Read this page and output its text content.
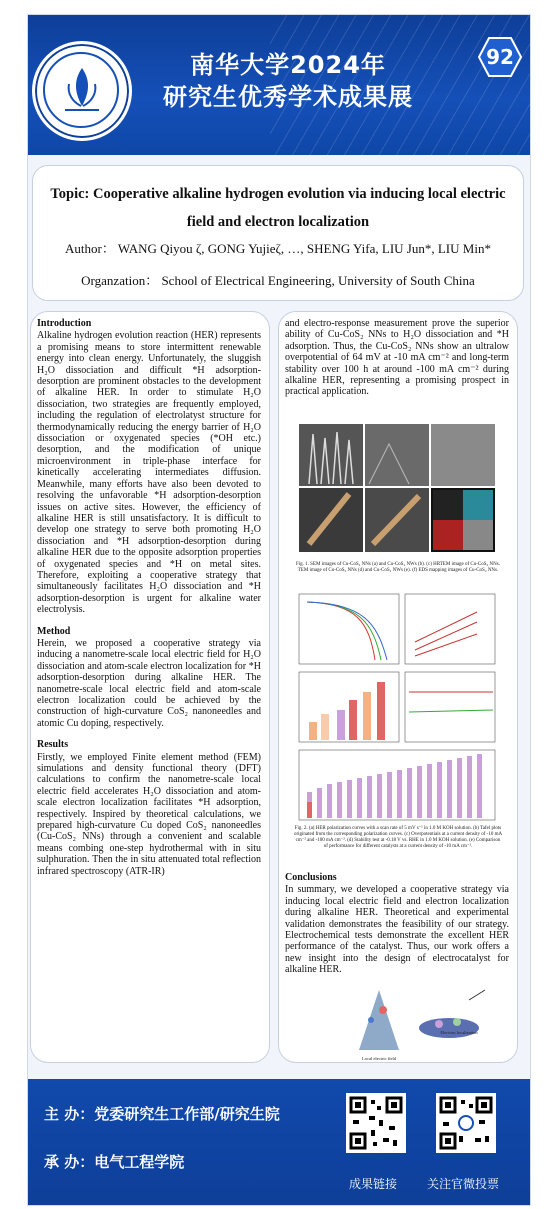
南华大学2024年
研究生优秀学术成果展
92
Topic: Cooperative alkaline hydrogen evolution via inducing local electric field and electron localization
Author： WANG Qiyou ζ, GONG Yujieζ, …, SHENG Yifa, LIU Jun*, LIU Min*
Organzation： School of Electrical Engineering, University of South China
Introduction

Alkaline hydrogen evolution reaction (HER) represents a promising means to store intermittent renewable energy into clean energy. Unfortunately, the sluggish H₂O dissociation and difficult *H adsorption-desorption are prominent obstacles to the development of alkaline HER. In order to stimulate H₂O dissociation, two strategies are frequently employed, including the regulation of electrolatyst structure for thermodynamically reducing the energy barrier of H₂O dissociation or oxygenated species (*OH etc.) desorption, and the modification of unique microenvironment in triple-phase interface for kinetically accelerating intermediates diffusion. Meanwhile, many efforts have also been devoted to resolving the unfavorable *H adsorption-desorption issues on active sites. However, the efficiency of alkaline HER is still unsatisfactory. It is difficult to develop one strategy to serve both promoting H₂O dissociation and *H adsorption-desorption during alkaline HER due to the opposite adsorption properties of oxygenated species and *H on metal sites. Therefore, exploiting a cooperative strategy that simultaneously facilitates H₂O dissociation and *H adsorption-desorption is urgent for alkaline water electrolysis.

Method

Herein, we proposed a cooperative strategy via inducing a nanometre-scale local electric field for H₂O dissociation and atom-scale electron localization for *H adsorption-desorption during alkaline HER. The nanometre-scale local electric field and atom-scale electron localization could be achieved by the construction of high-curvature CoS₂ nanoneedles and atomic Cu doping, respectively.

Results

Firstly, we employed Finite element method (FEM) simulations and density functional theory (DFT) calculations to confirm the nanometre-scale local electric field accelerates H₂O dissociation and atom-scale electron localization facilitates *H adsorption, respectively. Inspired by theoretical calculations, we prepared high-curvature Cu doped CoS₂ nanoneedles (Cu-CoS₂ NNs) through a convenient and scalable means combing one-step hydrothermal with in situ sulphuration. Then the in situ attenuated total reflection infrared spectroscopy (ATR-IR)

and electro-response measurement prove the superior ability of Cu-CoS₂ NNs to H₂O dissociation and *H adsorption. Thus, the Cu-CoS₂ NNs show an ultralow overpotential of 64 mV at -10 mA cm⁻² and long-term stability over 100 h at around -100 mA cm⁻² during alkaline HER, representing a promising prospect in practical application.

Fig. 1. SEM images of Cu-CoS₂ NNs (a) and Cu-CoS₂ NWs (b). (c) HRTEM image of Cu-CoS₂ NNs. TEM image of Cu-CoS₂ NNs (d) and Cu-CoS₂ NWs (e). (f) EDS mapping images of Cu-CoS₂ NNs.
Fig. 2. (a) HER polarization curves with a scan rate of 5 mV s⁻¹ in 1.0 M KOH solution. (b) Tafel plots originated from the corresponding polarization curves. (c) Overpotentials at a current density of -10 mA cm⁻² and -100 mA cm⁻². (d) Stability test at -0.18 V vs. RHE in 1.0 M KOH solution. (e) Comparison of performance for different catalysts at a current density of -10 mA cm⁻².
Conclusions

In summary, we developed a cooperative strategy via inducing local electric field and electron localization during alkaline HER. Theoretical and experimental validation demonstrates the feasibility of our strategy. Electrochemical tests demonstrate the excellent HER performance of the catalyst. Thus, our work offers a new insight into the design of electrocatalyst for alkaline HER.

Local electric field
Electron localization
主 办：党委研究生工作部/研究生院
承 办：电气工程学院
成果链接	关注官微投票
